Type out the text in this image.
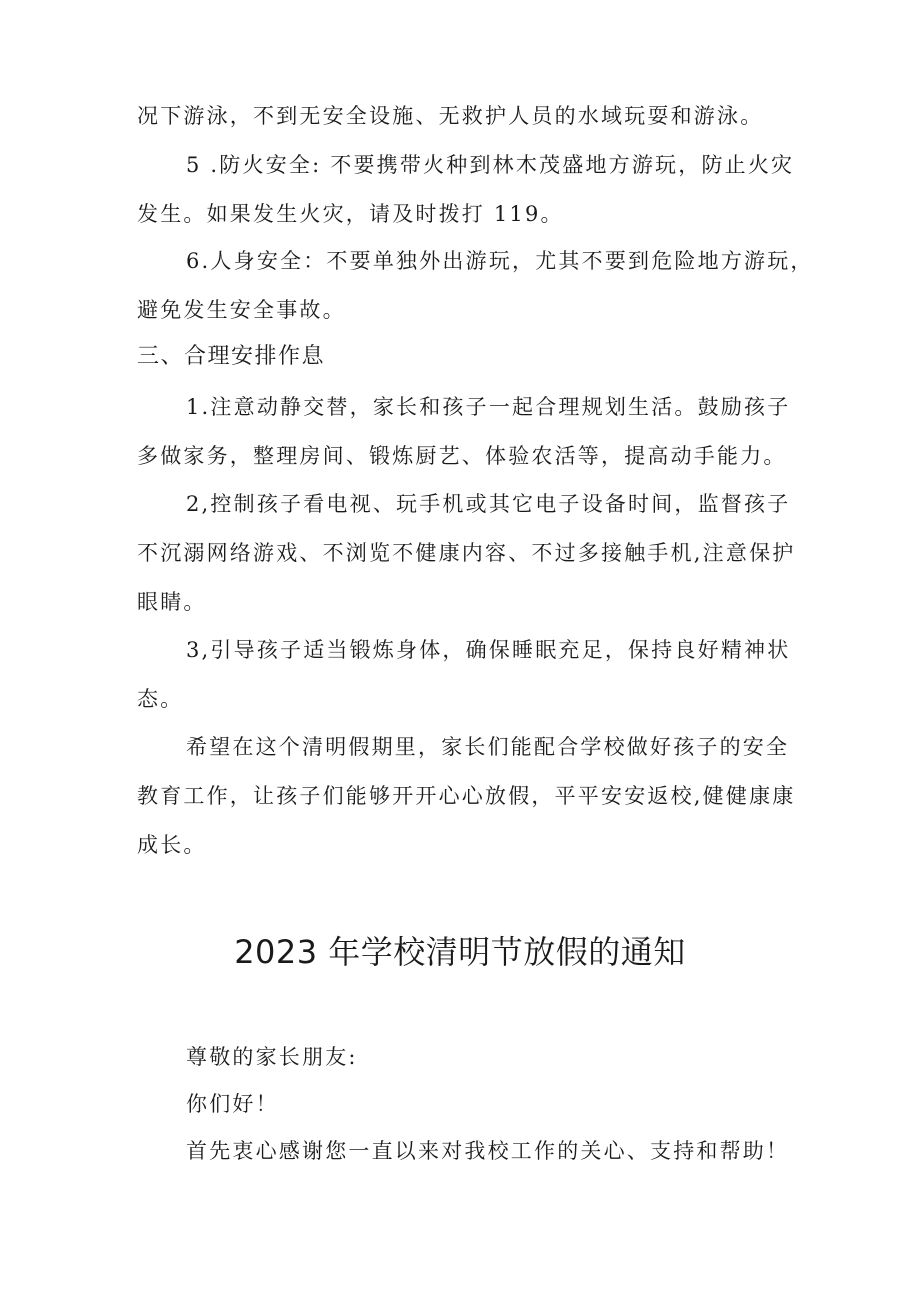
况下游泳，不到无安全设施、无救护人员的水域玩耍和游泳。
5 .防火安全: 不要携带火种到林木茂盛地方游玩，防止火灾
发生。如果发生火灾，请及时拨打 119。
6.人身安全：不要单独外出游玩，尤其不要到危险地方游玩，
避免发生安全事故。
三、合理安排作息
1.注意动静交替，家长和孩子一起合理规划生活。鼓励孩子
多做家务，整理房间、锻炼厨艺、体验农活等，提高动手能力。
2,控制孩子看电视、玩手机或其它电子设备时间，监督孩子
不沉溺网络游戏、不浏览不健康内容、不过多接触手机,注意保护
眼睛。
3,引导孩子适当锻炼身体，确保睡眠充足，保持良好精神状
态。
希望在这个清明假期里，家长们能配合学校做好孩子的安全
教育工作，让孩子们能够开开心心放假，平平安安返校,健健康康
成长。
2023 年学校清明节放假的通知
尊敬的家长朋友:
你们好！
首先衷心感谢您一直以来对我校工作的关心、支持和帮助！
